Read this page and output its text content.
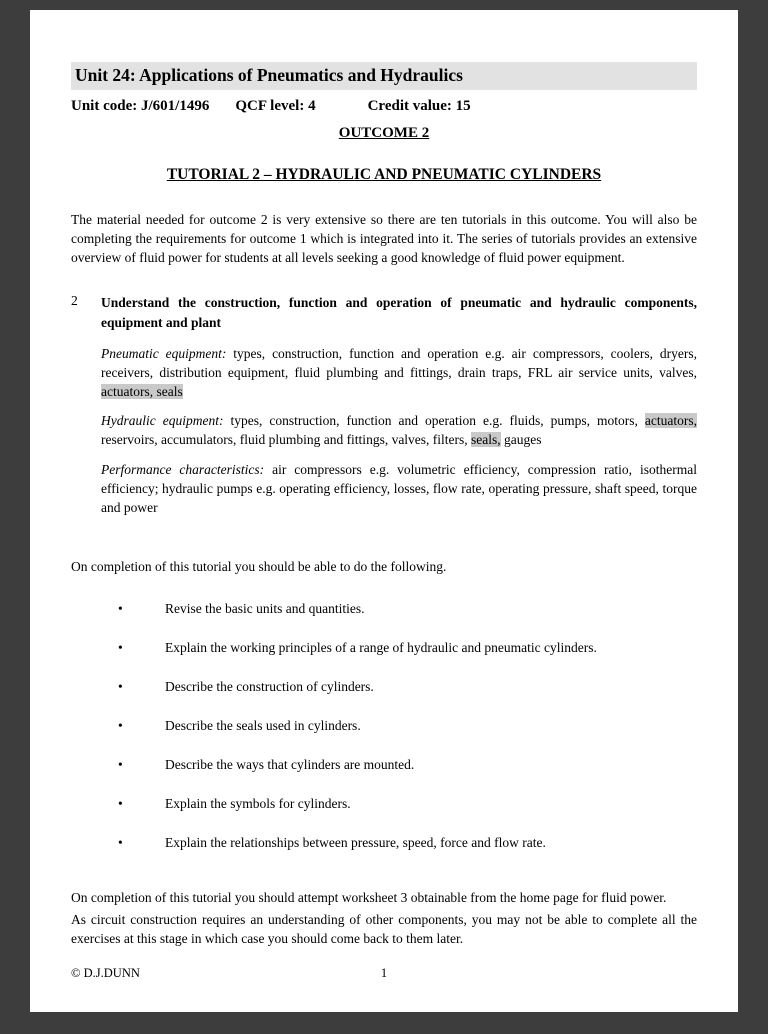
Unit 24: Applications of Pneumatics and Hydraulics
Unit code: J/601/1496 QCF level: 4	Credit value: 15
OUTCOME 2
TUTORIAL 2 – HYDRAULIC AND PNEUMATIC CYLINDERS

The material needed for outcome 2 is very extensive so there are ten tutorials in this outcome. You will also be completing the requirements for outcome 1 which is integrated into it. The series of tutorials provides an extensive overview of fluid power for students at all levels seeking a good knowledge of fluid power equipment.

2	Understand the construction, function and operation of pneumatic and hydraulic components, equipment and plant

Pneumatic equipment: types, construction, function and operation e.g. air compressors, coolers, dryers, receivers, distribution equipment, fluid plumbing and fittings, drain traps, FRL air service units, valves, actuators, seals

Hydraulic equipment: types, construction, function and operation e.g. fluids, pumps, motors, actuators, reservoirs, accumulators, fluid plumbing and fittings, valves, filters, seals, gauges

Performance characteristics: air compressors e.g. volumetric efficiency, compression ratio, isothermal efficiency; hydraulic pumps e.g. operating efficiency, losses, flow rate, operating pressure, shaft speed, torque and power

On completion of this tutorial you should be able to do the following.

•	Revise the basic units and quantities.
•	Explain the working principles of a range of hydraulic and pneumatic cylinders.
•	Describe the construction of cylinders.
•	Describe the seals used in cylinders.
•	Describe the ways that cylinders are mounted.
•	Explain the symbols for cylinders.
•	Explain the relationships between pressure, speed, force and flow rate.

On completion of this tutorial you should attempt worksheet 3 obtainable from the home page for fluid power.

As circuit construction requires an understanding of other components, you may not be able to complete all the exercises at this stage in which case you should come back to them later.

© D.J.DUNN	1
